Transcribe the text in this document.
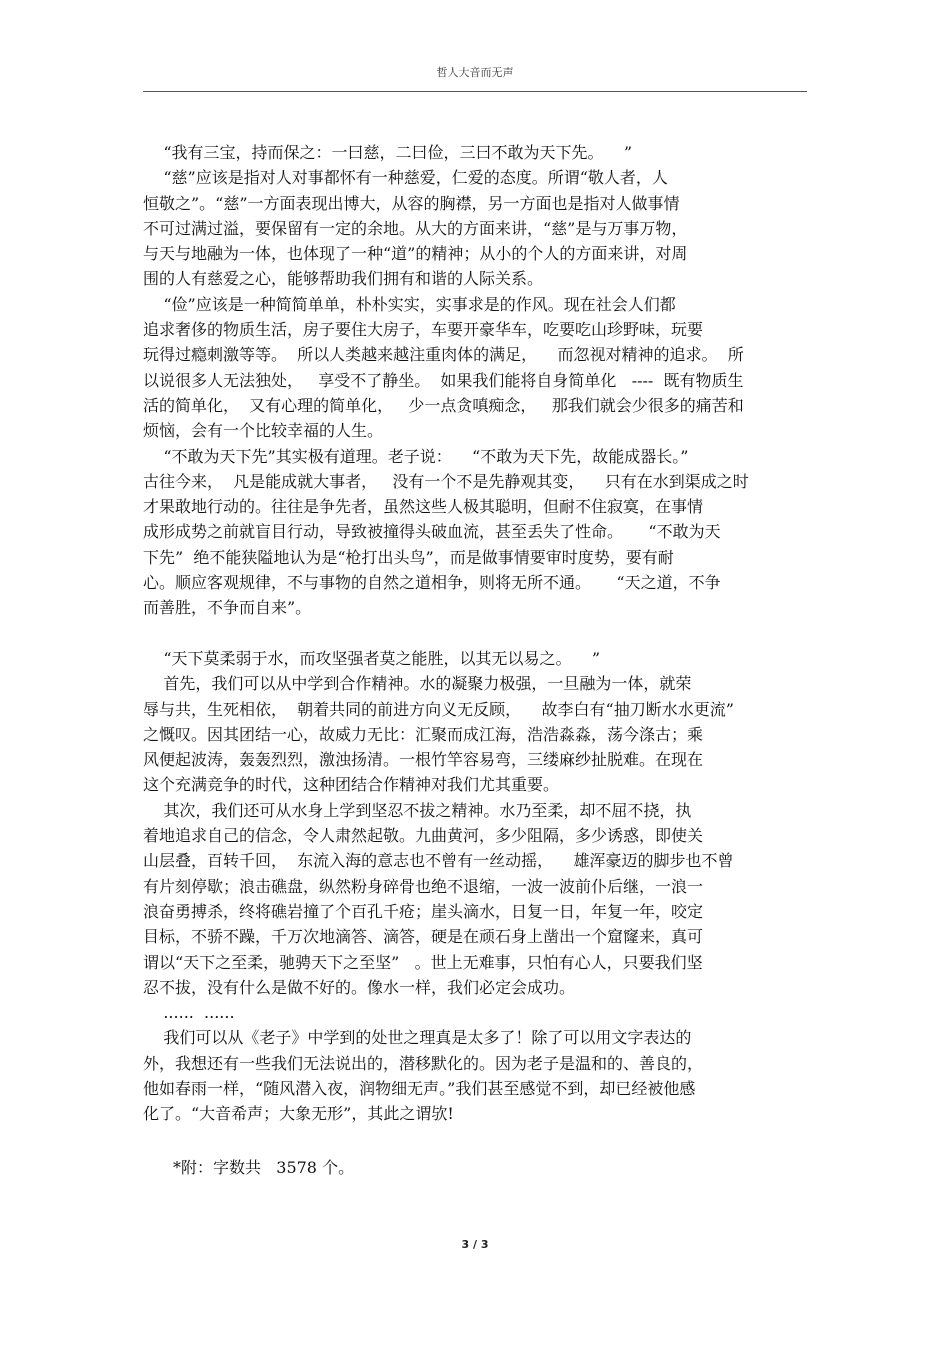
哲人大音而无声
“我有三宝，持而保之：一曰慈，二曰俭，三曰不敢为天下先。    ”
“慈”应该是指对人对事都怀有一种慈爱，仁爱的态度。所谓“敬人者，人
恒敬之”。“慈”一方面表现出博大，从容的胸襟，另一方面也是指对人做事情
不可过满过溢，要保留有一定的余地。从大的方面来讲，“慈”是与万事万物，
与天与地融为一体，也体现了一种“道”的精神；从小的个人的方面来讲，对周
围的人有慈爱之心，能够帮助我们拥有和谐的人际关系。
“俭”应该是一种简简单单，朴朴实实，实事求是的作风。现在社会人们都
追求奢侈的物质生活，房子要住大房子，车要开豪华车，吃要吃山珍野味，玩要
玩得过瘾刺激等等。  所以人类越来越注重肉体的满足，    而忽视对精神的追求。  所
以说很多人无法独处，   享受不了静坐。  如果我们能将自身简单化   ----  既有物质生
活的简单化，  又有心理的简单化，   少一点贪嗔痴念，   那我们就会少很多的痛苦和
烦恼，会有一个比较幸福的人生。
“不敢为天下先”其实极有道理。老子说：    “不敢为天下先，故能成器长。”
古往今来，  凡是能成就大事者，   没有一个不是先静观其变，    只有在水到渠成之时
才果敢地行动的。往往是争先者，虽然这些人极其聪明，但耐不住寂寞，在事情
成形成势之前就盲目行动，导致被撞得头破血流，甚至丢失了性命。     “不敢为天
下先”  绝不能狭隘地认为是“枪打出头鸟”，而是做事情要审时度势，要有耐
心。顺应客观规律，不与事物的自然之道相争，则将无所不通。     “天之道，不争
而善胜，不争而自来”。
“天下莫柔弱于水，而攻坚强者莫之能胜，以其无以易之。    ”
首先，我们可以从中学到合作精神。水的凝聚力极强，一旦融为一体，就荣
辱与共，生死相依，  朝着共同的前进方向义无反顾，    故李白有“抽刀断水水更流”
之慨叹。因其团结一心，故威力无比：汇聚而成江海，浩浩淼淼，荡今涤古；乘
风便起波涛，轰轰烈烈，激浊扬清。一根竹竿容易弯，三缕麻纱扯脱难。在现在
这个充满竞争的时代，这种团结合作精神对我们尤其重要。
其次，我们还可从水身上学到坚忍不拔之精神。水乃至柔，却不屈不挠，执
着地追求自己的信念，令人肃然起敬。九曲黄河，多少阻隔，多少诱惑，即使关
山层叠，百转千回，  东流入海的意志也不曾有一丝动摇，    雄浑豪迈的脚步也不曾
有片刻停歇；浪击礁盘，纵然粉身碎骨也绝不退缩，一波一波前仆后继，一浪一
浪奋勇搏杀，终将礁岩撞了个百孔千疮；崖头滴水，日复一日，年复一年，咬定
目标，不骄不躁，千万次地滴答、滴答，硬是在顽石身上凿出一个窟窿来，真可
谓以“天下之至柔，驰骋天下之至坚”   。世上无难事，只怕有心人，只要我们坚
忍不拔，没有什么是做不好的。像水一样，我们必定会成功。
......  ......
我们可以从《老子》中学到的处世之理真是太多了！除了可以用文字表达的
外，我想还有一些我们无法说出的，潜移默化的。因为老子是温和的、善良的，
他如春雨一样，“随风潜入夜，润物细无声。”我们甚至感觉不到，却已经被他感
化了。“大音希声；大象无形”，其此之谓欤!
*附：字数共   3578 个。
3 / 3
